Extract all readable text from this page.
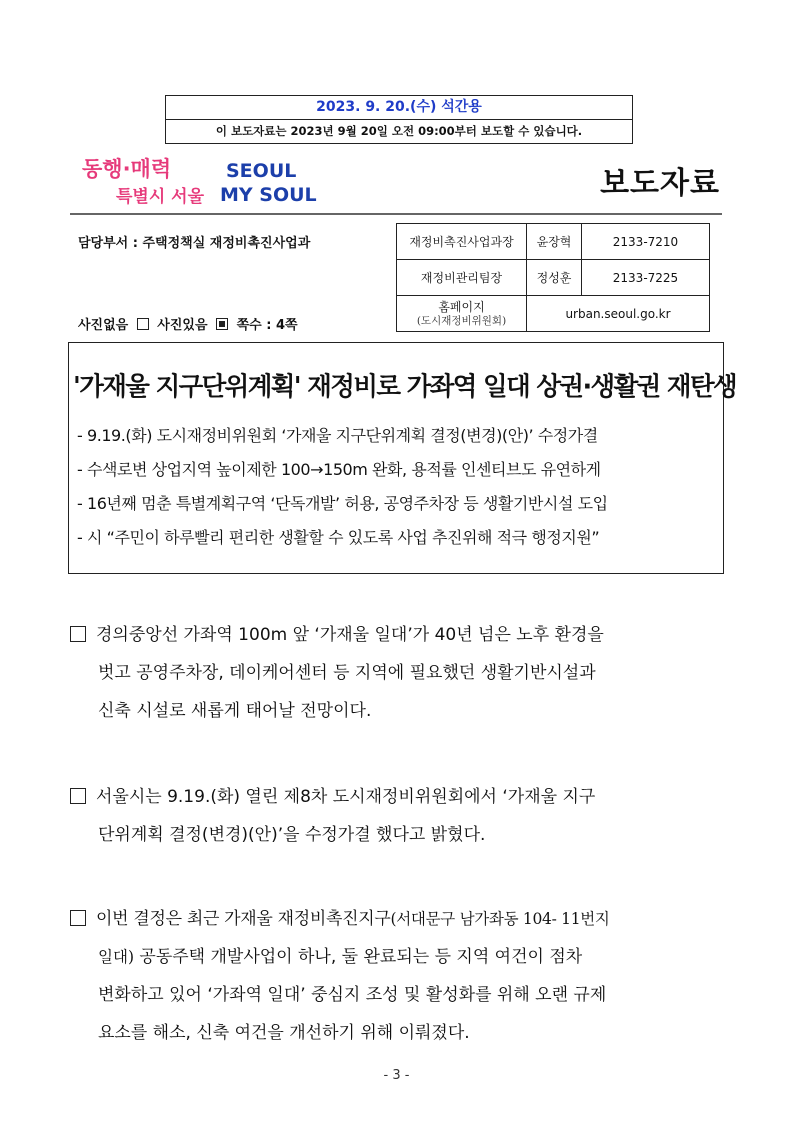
2023. 9. 20.(수) 석간용
이 보도자료는 2023년 9월 20일 오전 09:00부터 보도할 수 있습니다.
동행·매력
특별시 서울
SEOUL
MY SOUL	보도자료
담당부서 : 주택정책실 재정비촉진사업과
사진없음 사진있음 쪽수 : 4쪽
재정비촉진사업과장	윤장혁	2133-7210
재정비관리팀장	정성훈	2133-7225
홈페이지
(도시재정비위원회)	urban.seoul.go.kr	
'가재울 지구단위계획' 재정비로 가좌역 일대 상권·생활권 재탄생
- 9.19.(화) 도시재정비위원회 ‘가재울 지구단위계획 결정(변경)(안)’ 수정가결
- 수색로변 상업지역 높이제한 100→150m 완화, 용적률 인센티브도 유연하게
- 16년째 멈춘 특별계획구역 ‘단독개발’ 허용, 공영주차장 등 생활기반시설 도입
- 시 “주민이 하루빨리 편리한 생활할 수 있도록 사업 추진위해 적극 행정지원”
경의중앙선 가좌역 100m 앞 ‘가재울 일대’가 40년 넘은 노후 환경을
벗고 공영주차장, 데이케어센터 등 지역에 필요했던 생활기반시설과
신축 시설로 새롭게 태어날 전망이다.
서울시는 9.19.(화) 열린 제8차 도시재정비위원회에서 ‘가재울 지구
단위계획 결정(변경)(안)’을 수정가결 했다고 밝혔다.
이번 결정은 최근 가재울 재정비촉진지구(서대문구 남가좌동 104- 11번지
일대) 공동주택 개발사업이 하나, 둘 완료되는 등 지역 여건이 점차
변화하고 있어 ‘가좌역 일대’ 중심지 조성 및 활성화를 위해 오랜 규제
요소를 해소, 신축 여건을 개선하기 위해 이뤄졌다.
- 3 -
